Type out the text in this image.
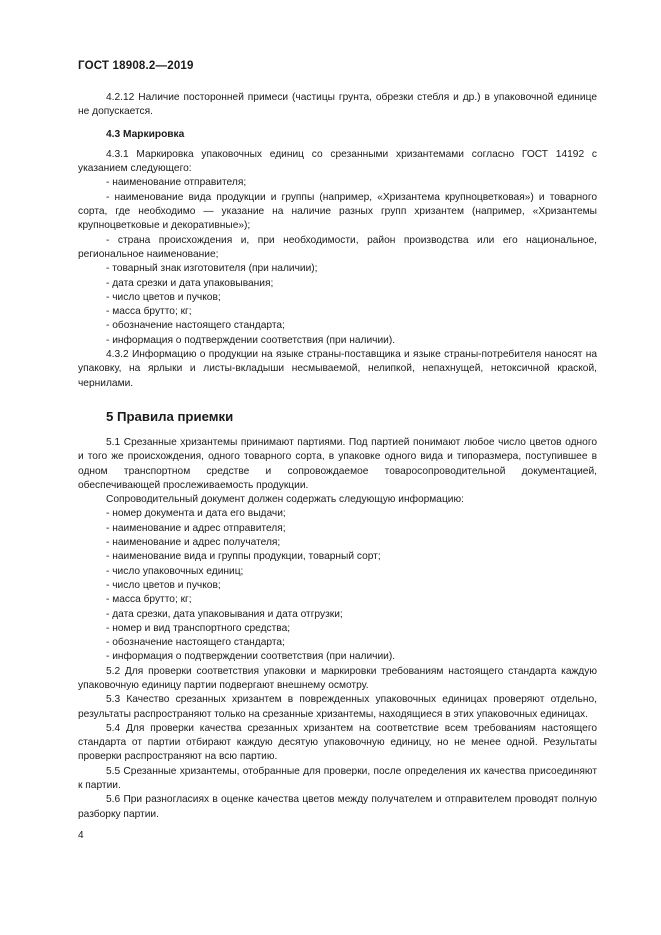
ГОСТ 18908.2—2019
4.2.12 Наличие посторонней примеси (частицы грунта, обрезки стебля и др.) в упаковочной единице не допускается.
4.3 Маркировка
4.3.1 Маркировка упаковочных единиц со срезанными хризантемами согласно ГОСТ 14192 с указанием следующего:
- наименование отправителя;
- наименование вида продукции и группы (например, «Хризантема крупноцветковая») и товарного сорта, где необходимо — указание на наличие разных групп хризантем (например, «Хризантемы крупноцветковые и декоративные»);
- страна происхождения и, при необходимости, район производства или его национальное, региональное наименование;
- товарный знак изготовителя (при наличии);
- дата срезки и дата упаковывания;
- число цветов и пучков;
- масса брутто; кг;
- обозначение настоящего стандарта;
- информация о подтверждении соответствия (при наличии).
4.3.2 Информацию о продукции на языке страны-поставщика и языке страны-потребителя наносят на упаковку, на ярлыки и листы-вкладыши несмываемой, нелипкой, непахнущей, нетоксичной краской, чернилами.
5 Правила приемки
5.1 Срезанные хризантемы принимают партиями. Под партией понимают любое число цветов одного и того же происхождения, одного товарного сорта, в упаковке одного вида и типоразмера, поступившее в одном транспортном средстве и сопровождаемое товаросопроводительной документацией, обеспечивающей прослеживаемость продукции.
Сопроводительный документ должен содержать следующую информацию:
- номер документа и дата его выдачи;
- наименование и адрес отправителя;
- наименование и адрес получателя;
- наименование вида и группы продукции, товарный сорт;
- число упаковочных единиц;
- число цветов и пучков;
- масса брутто; кг;
- дата срезки, дата упаковывания и дата отгрузки;
- номер и вид транспортного средства;
- обозначение настоящего стандарта;
- информация о подтверждении соответствия (при наличии).
5.2 Для проверки соответствия упаковки и маркировки требованиям настоящего стандарта каждую упаковочную единицу партии подвергают внешнему осмотру.
5.3 Качество срезанных хризантем в поврежденных упаковочных единицах проверяют отдельно, результаты распространяют только на срезанные хризантемы, находящиеся в этих упаковочных единицах.
5.4 Для проверки качества срезанных хризантем на соответствие всем требованиям настоящего стандарта от партии отбирают каждую десятую упаковочную единицу, но не менее одной. Результаты проверки распространяют на всю партию.
5.5 Срезанные хризантемы, отобранные для проверки, после определения их качества присоединяют к партии.
5.6 При разногласиях в оценке качества цветов между получателем и отправителем проводят полную разборку партии.
4
